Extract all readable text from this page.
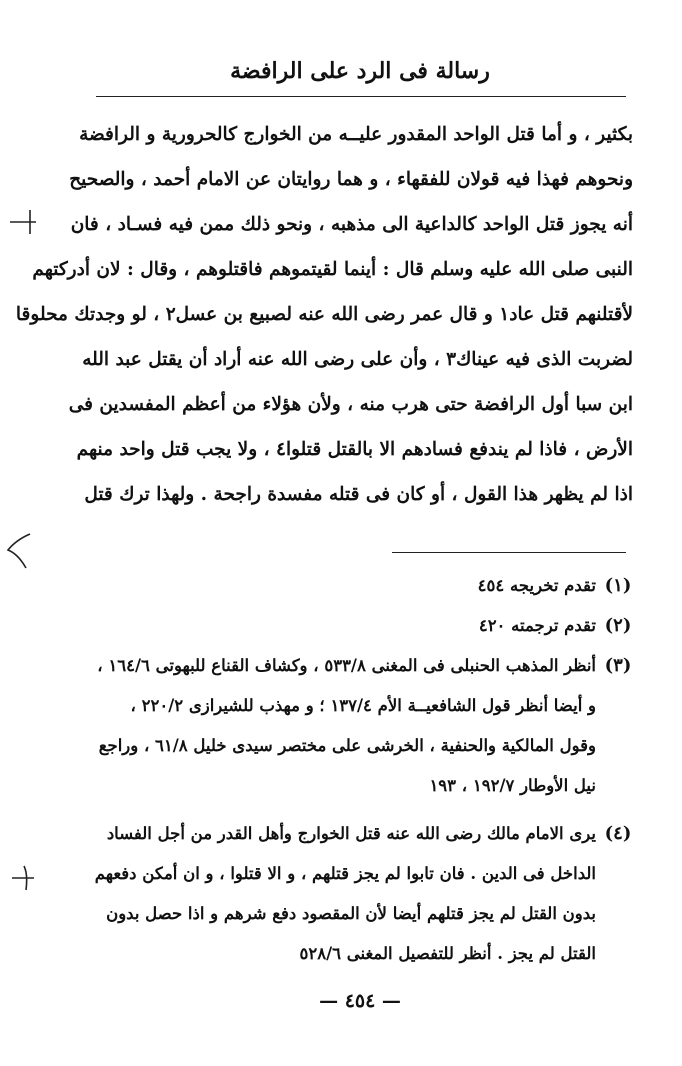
رسالة فى الرد على الرافضة
بكثير ، و أما قتل الواحد المقدور عليــه من الخوارج كالحرورية و الرافضة
ونحوهم فهذا فيه قولان للفقهاء ، و هما روايتان عن الامام أحمد ، والصحيح
أنه يجوز قتل الواحد كالداعية الى مذهبه ، ونحو ذلك ممن فيه فسـاد ، فان
النبى صلى الله عليه وسلم قال : أينما لقيتموهم فاقتلوهم ، وقال : لان أدركتهم
لأقتلنهم قتل عاد١ و قال عمر رضى الله عنه لصبيع بن عسل٢ ، لو وجدتك محلوقا
لضربت الذى فيه عيناك٣ ، وأن على رضى الله عنه أراد أن يقتل عبد الله
ابن سبا أول الرافضة حتى هرب منه ، ولأن هؤلاء من أعظم المفسدين فى
الأرض ، فاذا لم يندفع فسادهم الا بالقتل قتلوا٤ ، ولا يجب قتل واحد منهم
اذا لم يظهر هذا القول ، أو كان فى قتله مفسدة راجحة . ولهذا ترك قتل
(١)
تقدم تخريجه ٤٥٤
(٢)
تقدم ترجمته ٤٢٠
(٣)
أنظر المذهب الحنبلى فى المغنى ٥٣٣/٨ ، وكشاف القناع للبهوتى ١٦٤/٦ ،
و أيضا أنظر قول الشافعيــة الأم ١٣٧/٤ ؛ و مهذب للشيرازى ٢٢٠/٢ ،
وقول المالكية والحنفية ، الخرشى على مختصر سيدى خليل ٦١/٨ ، وراجع
نيل الأوطار ١٩٢/٧ ، ١٩٣
(٤)
يرى الامام مالك رضى الله عنه قتل الخوارج وأهل القدر من أجل الفساد
الداخل فى الدين . فان تابوا لم يجز قتلهم ، و الا قتلوا ، و ان أمكن دفعهم
بدون القتل لم يجز قتلهم أيضا لأن المقصود دفع شرهم و اذا حصل بدون
القتل لم يجز . أنظر للتفصيل المغنى ٥٢٨/٦
— ٤٥٤ —
